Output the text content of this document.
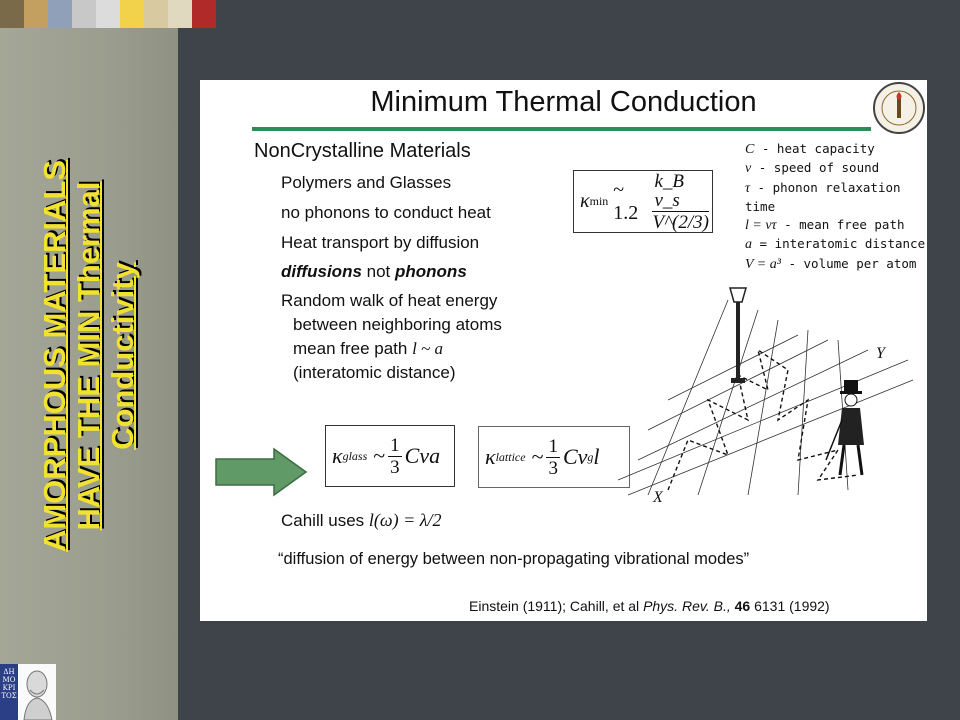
AMORPHOUS MATERIALS HAVE THE MIN Thermal Conductivity
ΔΗ
ΜΟ
ΚΡΙ
ΤΟΣ
Minimum Thermal Conduction
NonCrystalline Materials
Polymers and Glasses
no phonons to conduct heat
Heat transport by diffusion
diffusions not phonons
Random walk of heat energy
between neighboring atoms
mean free path l ~ a
(interatomic distance)
C - heat capacity
v - speed of sound
τ - phonon relaxation time
l = vτ - mean free path
a = interatomic distance
V = a³ - volume per atom
κ min
~ $1.2 \frac{\text{k\_B v\_s}}{V\^{}(2/3)}$
κ glass ~ $\frac{1}{3}$ Cva κ lattice ~ $\frac{1}{3}$ Cv g l
Cahill uses l(ω) = λ/2
“diffusion of energy between non-propagating vibrational modes”
Einstein (1911); Cahill, et al Phys. Rev. B., 46 6131 (1992)
Y
X
